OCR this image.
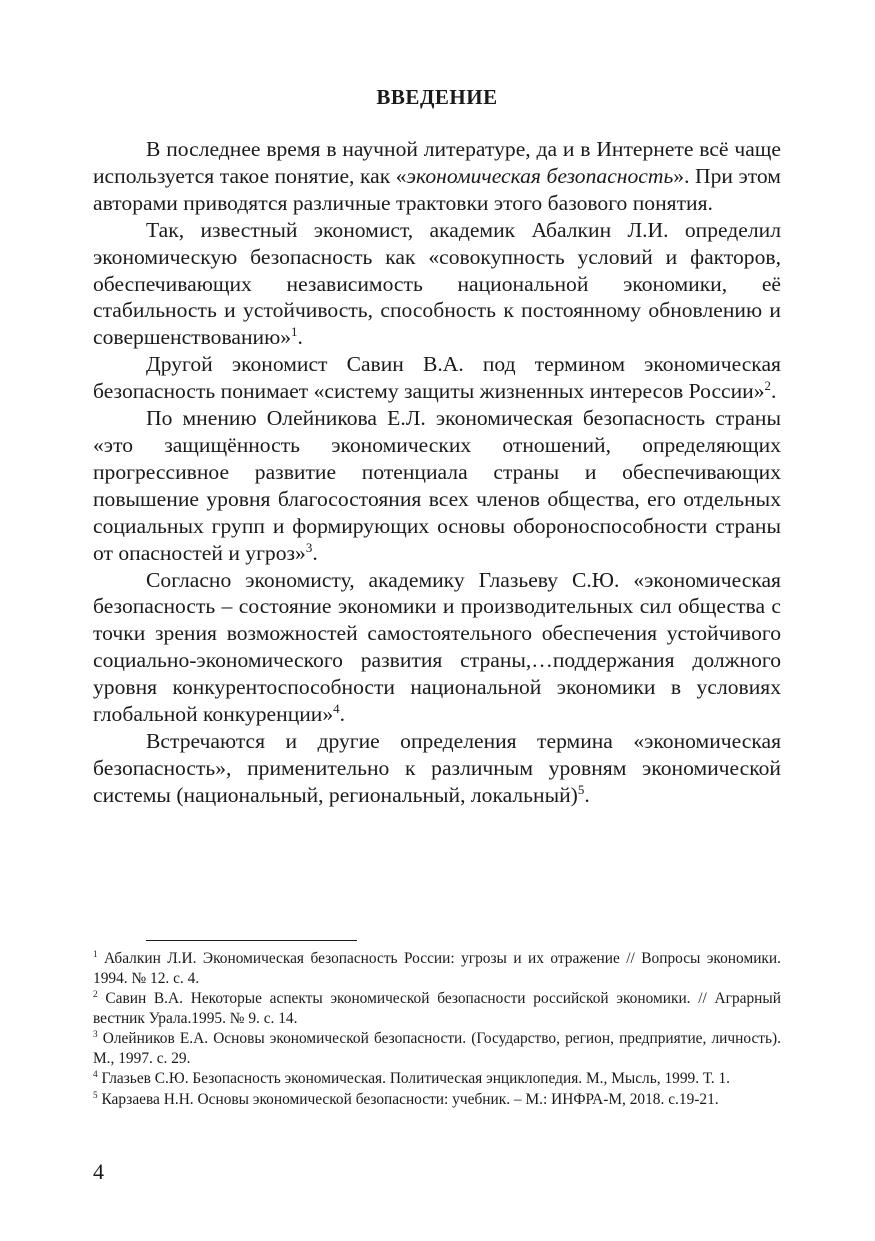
ВВЕДЕНИЕ

В последнее время в научной литературе, да и в Интернете всё чаще используется такое понятие, как «экономическая безопасность». При этом авторами приводятся различные трактовки этого базового понятия.

Так, известный экономист, академик Абалкин Л.И. определил экономическую безопасность как «совокупность условий и факторов, обеспечивающих независимость национальной экономики, её стабильность и устойчивость, способность к постоянному обновлению и совершенствованию»$^1$.

Другой экономист Савин В.А. под термином экономическая безопасность понимает «систему защиты жизненных интересов России»$^2$.

По мнению Олейникова Е.Л. экономическая безопасность страны «это защищённость экономических отношений, определяющих прогрессивное развитие потенциала страны и обеспечивающих повышение уровня благосостояния всех членов общества, его отдельных социальных групп и формирующих основы обороноспособности страны от опасностей и угроз»$^3$.

Согласно экономисту, академику Глазьеву С.Ю. «экономическая безопасность – состояние экономики и производительных сил общества с точки зрения возможностей самостоятельного обеспечения устойчивого социально-экономического развития страны,…поддержания должного уровня конкурентоспособности национальной экономики в условиях глобальной конкуренции»$^4$.

Встречаются и другие определения термина «экономическая безопасность», применительно к различным уровням экономической системы (национальный, региональный, локальный)$^5$.

$^1$ Абалкин Л.И. Экономическая безопасность России: угрозы и их отражение // Вопросы экономики. 1994. № 12. с. 4.

$^2$ Савин В.А. Некоторые аспекты экономической безопасности российской экономики. // Аграрный вестник Урала.1995. № 9. с. 14.

$^3$ Олейников Е.А. Основы экономической безопасности. (Государство, регион, предприятие, личность). М., 1997. с. 29.

$^4$ Глазьев С.Ю. Безопасность экономическая. Политическая энциклопедия. М., Мысль, 1999. Т. 1.

$^5$ Карзаева Н.Н. Основы экономической безопасности: учебник. – М.: ИНФРА-М, 2018. с.19-21.

4
